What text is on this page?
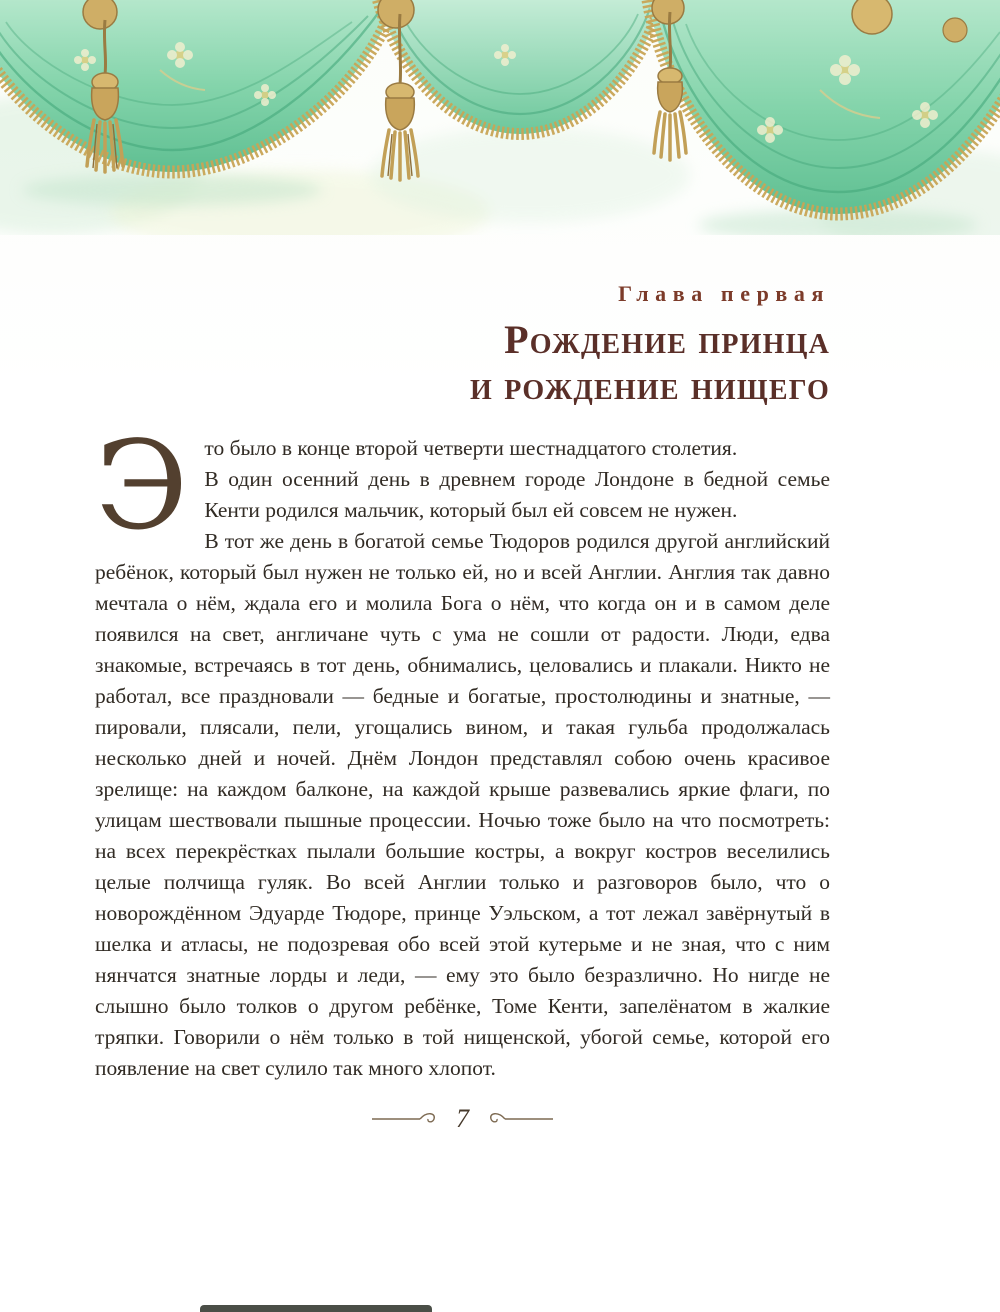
Глава первая
Рождение принца
и рождение нищего
Э то было в конце второй четверти шестнадцатого столетия.

В один осенний день в древнем городе Лондоне в бедной семье Кенти родился мальчик, который был ей совсем не нужен.

В тот же день в богатой семье Тюдоров родился другой английский ребёнок, который был нужен не только ей, но и всей Англии. Англия так давно мечтала о нём, ждала его и молила Бога о нём, что когда он и в самом деле появился на свет, англичане чуть с ума не сошли от радости. Люди, едва знакомые, встречаясь в тот день, обнимались, целовались и плакали. Никто не работал, все праздновали — бедные и богатые, простолюдины и знатные, — пировали, плясали, пели, угощались вином, и такая гульба продолжалась несколько дней и ночей. Днём Лондон представлял собою очень красивое зрелище: на каждом балконе, на каждой крыше развевались яркие флаги, по улицам шествовали пышные процессии. Ночью тоже было на что посмотреть: на всех перекрёстках пылали большие костры, а вокруг костров веселились целые полчища гуляк. Во всей Англии только и разговоров было, что о новорождённом Эдуарде Тюдоре, принце Уэльском, а тот лежал завёрнутый в шелка и атласы, не подозревая обо всей этой кутерьме и не зная, что с ним нянчатся знатные лорды и леди, — ему это было безразлично. Но нигде не слышно было толков о другом ребёнке, Томе Кенти, запелёнатом в жалкие тряпки. Говорили о нём только в той нищенской, убогой семье, которой его появление на свет сулило так много хлопот.

7
